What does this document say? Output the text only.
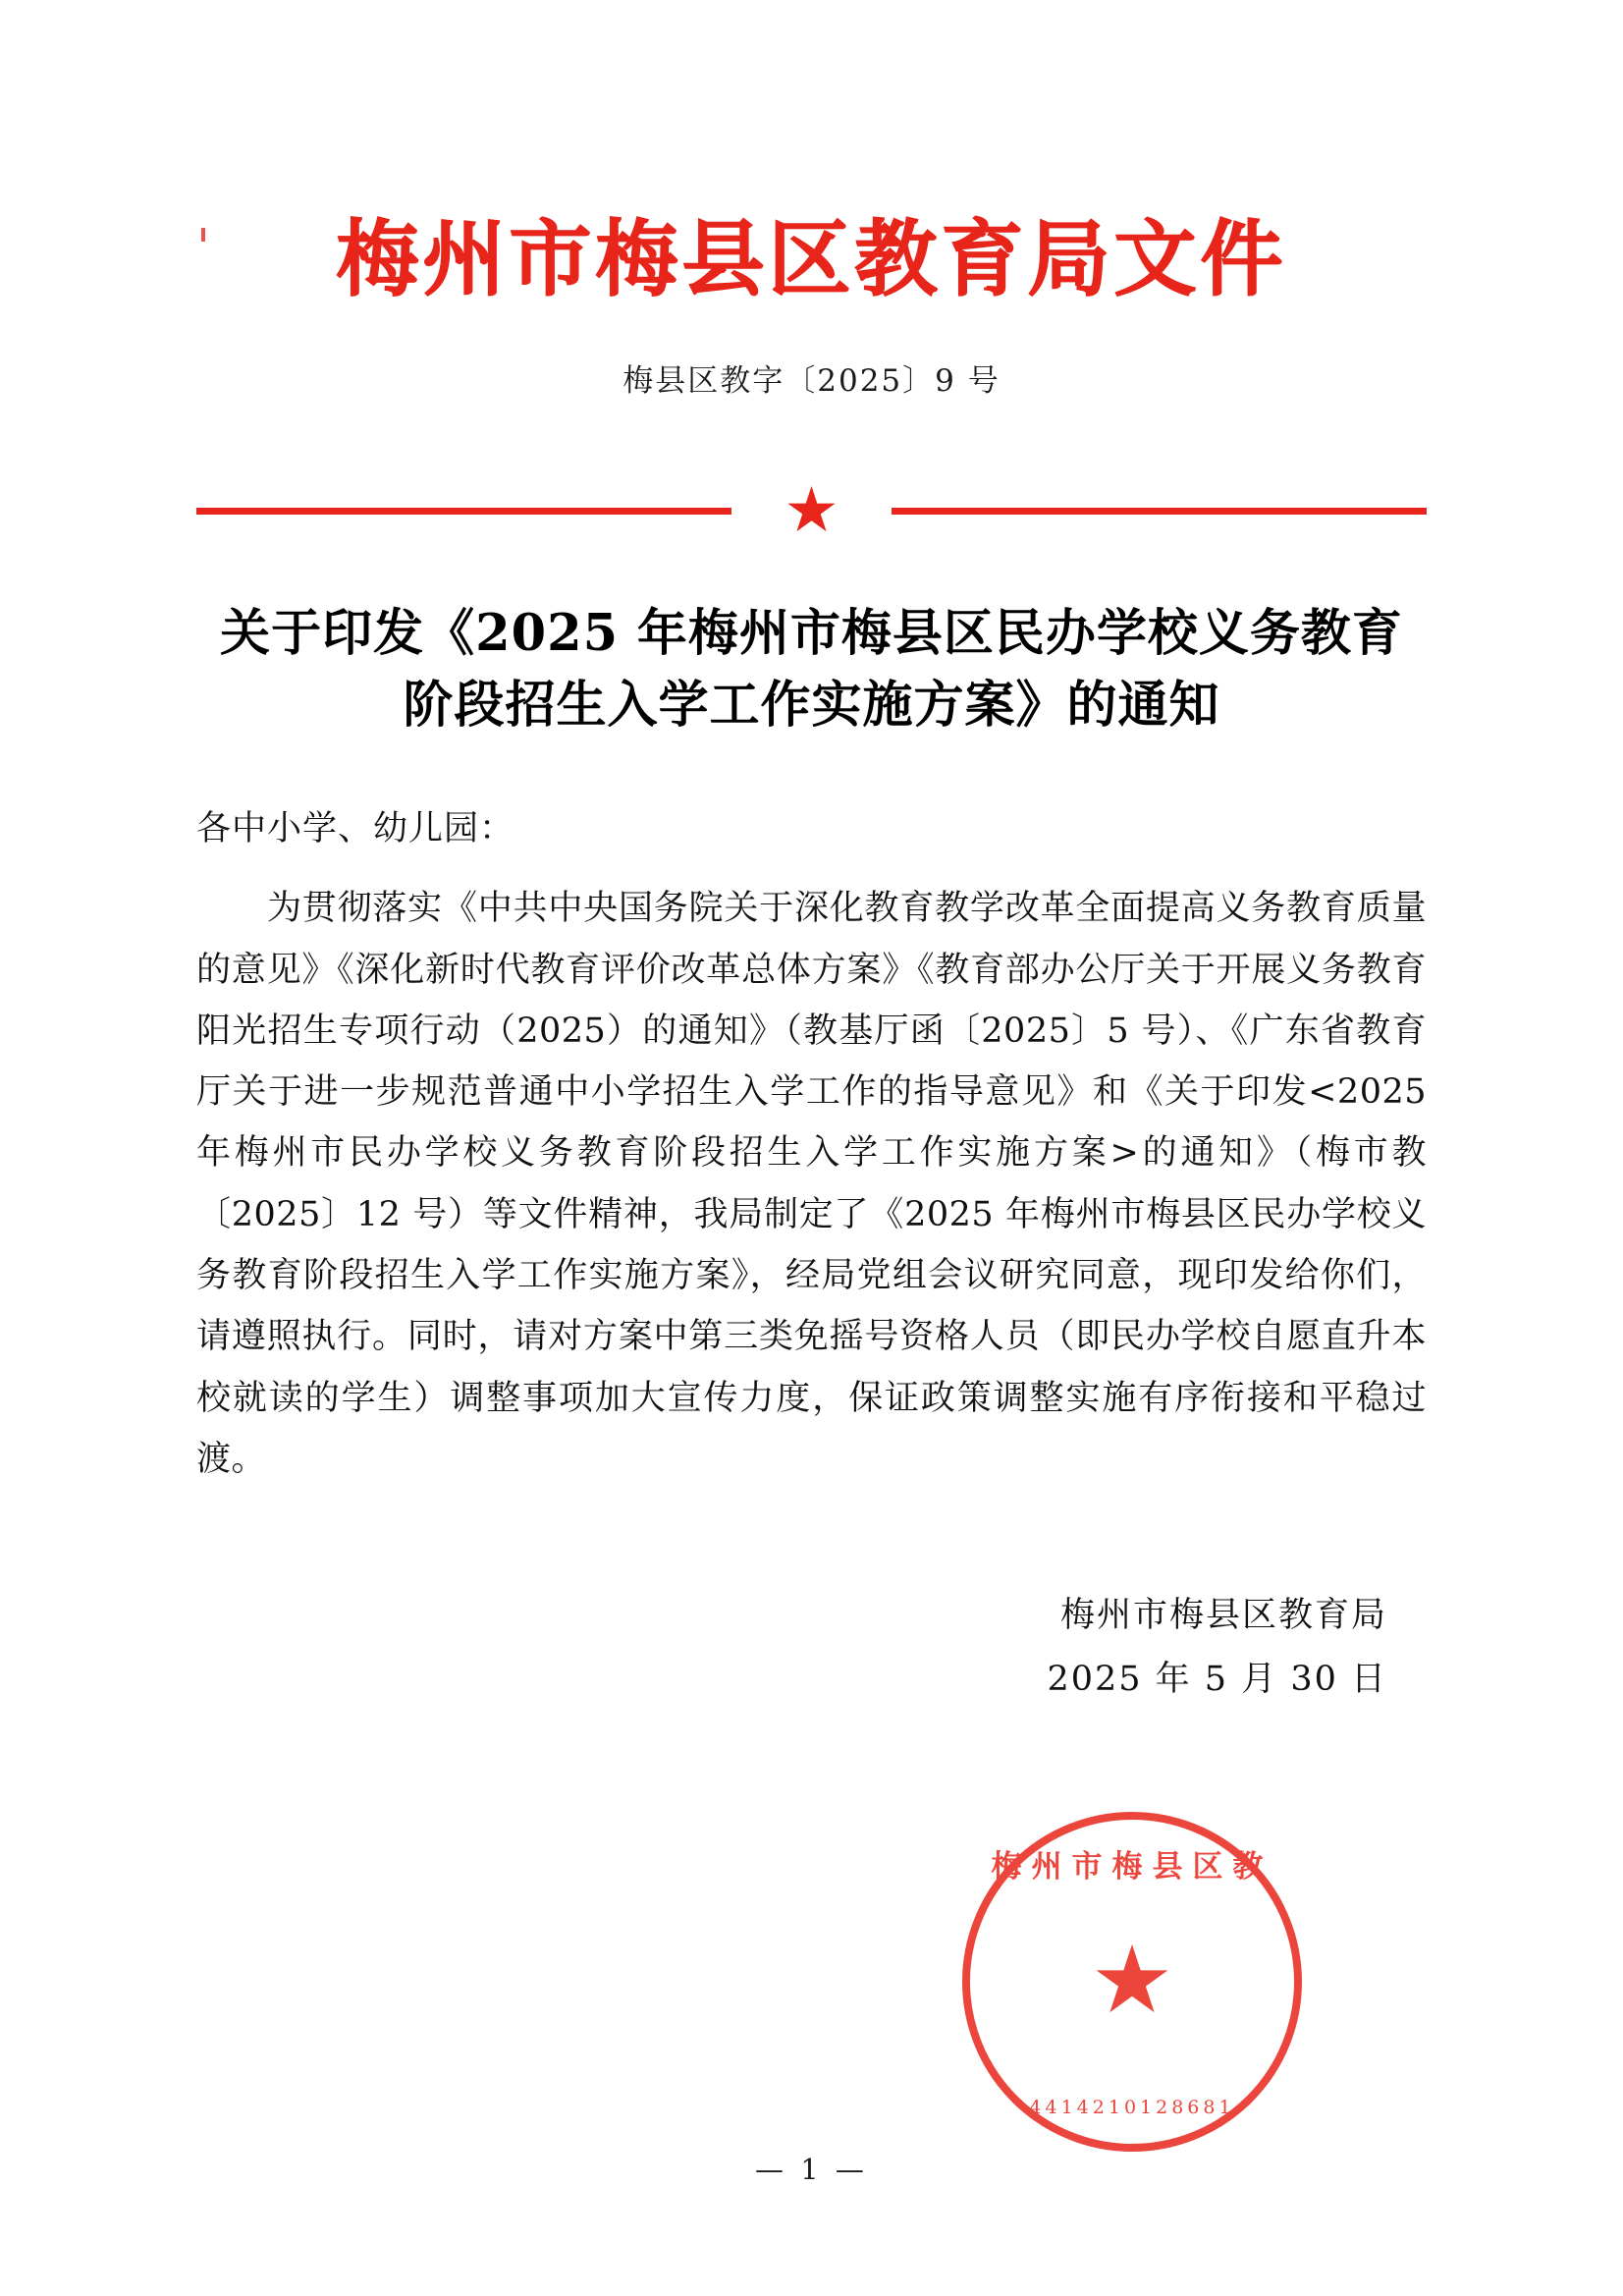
梅州市梅县区教育局文件
梅县区教字〔2025〕9 号
★
关于印发《2025 年梅州市梅县区民办学校义务教育阶段招生入学工作实施方案》的通知
各中小学、幼儿园：
为贯彻落实《中共中央国务院关于深化教育教学改革全面提高义务教育质量的意见》《深化新时代教育评价改革总体方案》《教育部办公厅关于开展义务教育阳光招生专项行动（2025）的通知》（教基厅函〔2025〕5 号）、《广东省教育厅关于进一步规范普通中小学招生入学工作的指导意见》和《关于印发<2025 年梅州市民办学校义务教育阶段招生入学工作实施方案>的通知》（梅市教〔2025〕12 号）等文件精神，我局制定了《2025 年梅州市梅县区民办学校义务教育阶段招生入学工作实施方案》，经局党组会议研究同意，现印发给你们，请遵照执行。同时，请对方案中第三类免摇号资格人员（即民办学校自愿直升本校就读的学生）调整事项加大宣传力度，保证政策调整实施有序衔接和平稳过渡。
梅州市梅县区教育局
2025 年 5 月 30 日
梅州市梅县区教
★
4414210128681
— 1 —
